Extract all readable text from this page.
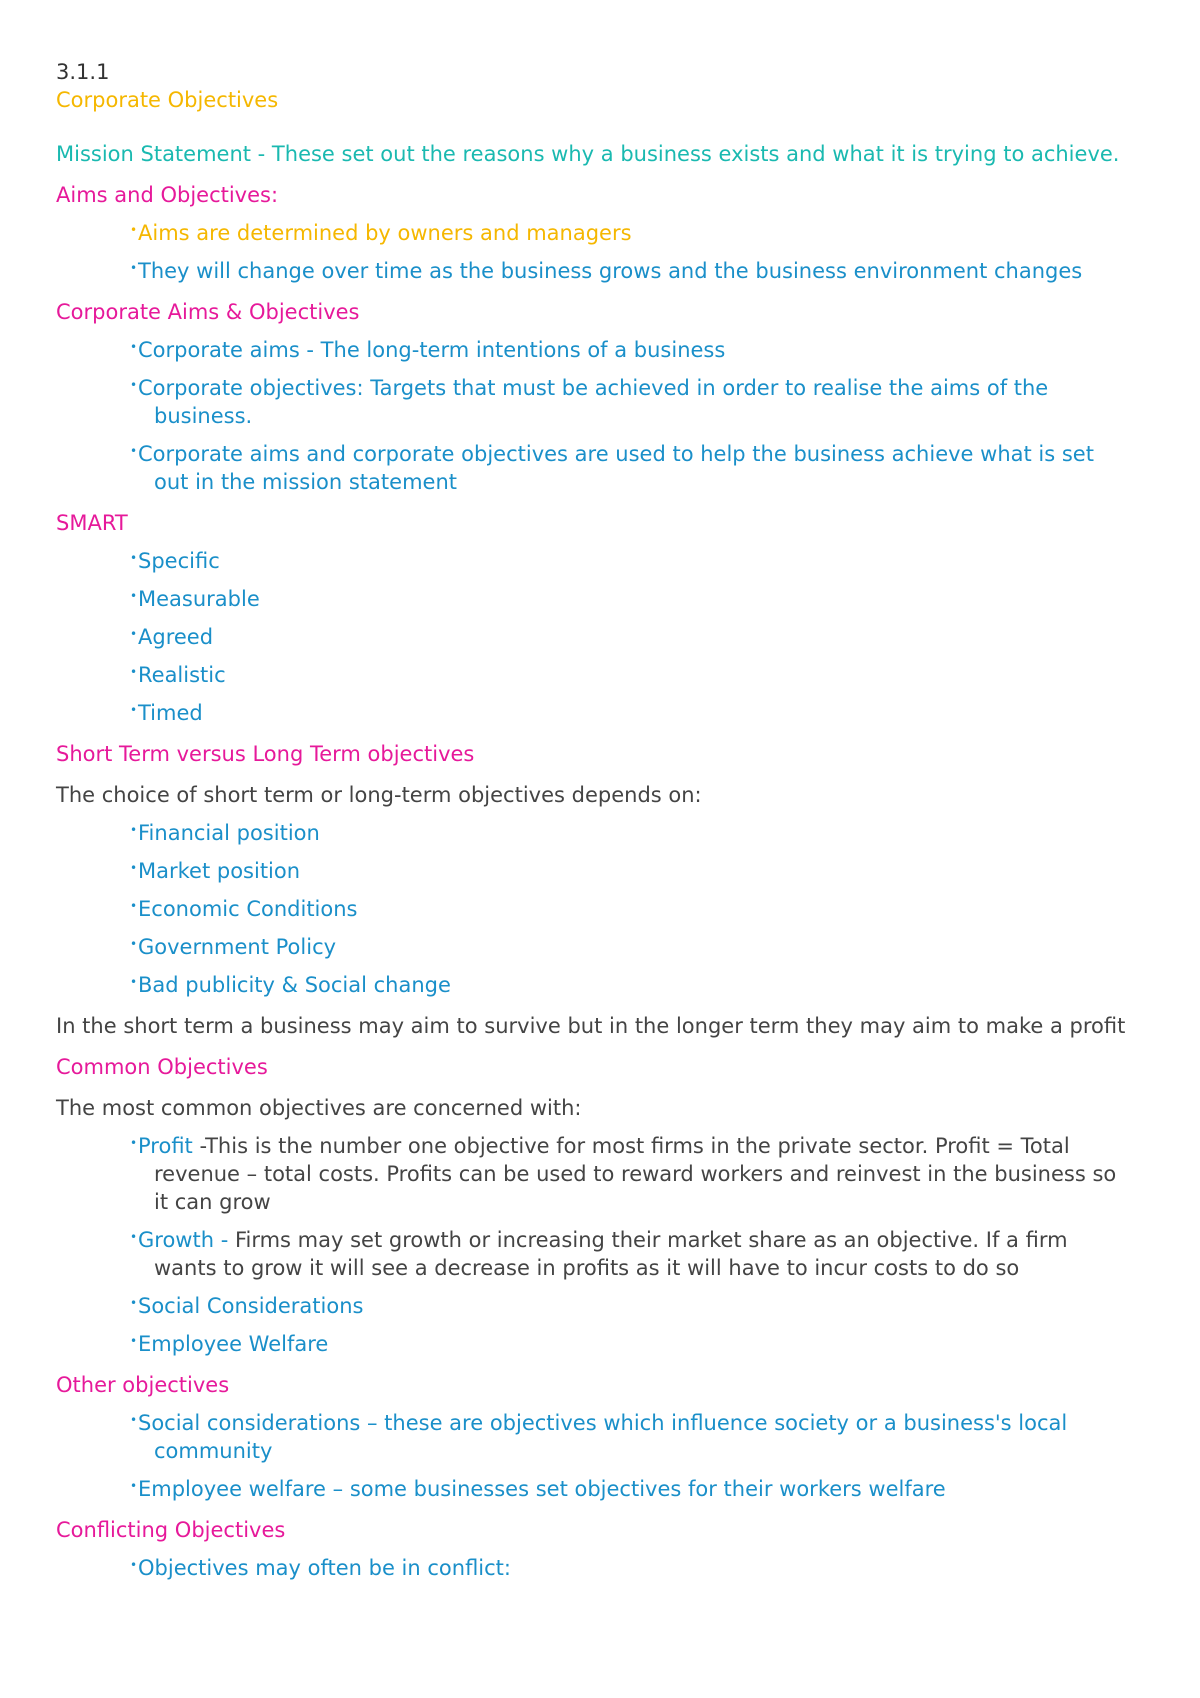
3.1.1
Corporate Objectives
Mission Statement - These set out the reasons why a business exists and what it is trying to achieve.
Aims and Objectives:
•Aims are determined by owners and managers
•They will change over time as the business grows and the business environment changes
Corporate Aims & Objectives
•Corporate aims - The long-term intentions of a business
•Corporate objectives: Targets that must be achieved in order to realise the aims of the business.
•Corporate aims and corporate objectives are used to help the business achieve what is set out in the mission statement
SMART
•Specific
•Measurable
•Agreed
•Realistic
•Timed
Short Term versus Long Term objectives
The choice of short term or long-term objectives depends on:
•Financial position
•Market position
•Economic Conditions
•Government Policy
•Bad publicity & Social change
In the short term a business may aim to survive but in the longer term they may aim to make a profit
Common Objectives
The most common objectives are concerned with:
•Profit -This is the number one objective for most firms in the private sector. Profit = Total revenue – total costs. Profits can be used to reward workers and reinvest in the business so it can grow
•Growth - Firms may set growth or increasing their market share as an objective. If a firm wants to grow it will see a decrease in profits as it will have to incur costs to do so
•Social Considerations
•Employee Welfare
Other objectives
•Social considerations – these are objectives which influence society or a business's local community
•Employee welfare – some businesses set objectives for their workers welfare
Conflicting Objectives
•Objectives may often be in conflict:
